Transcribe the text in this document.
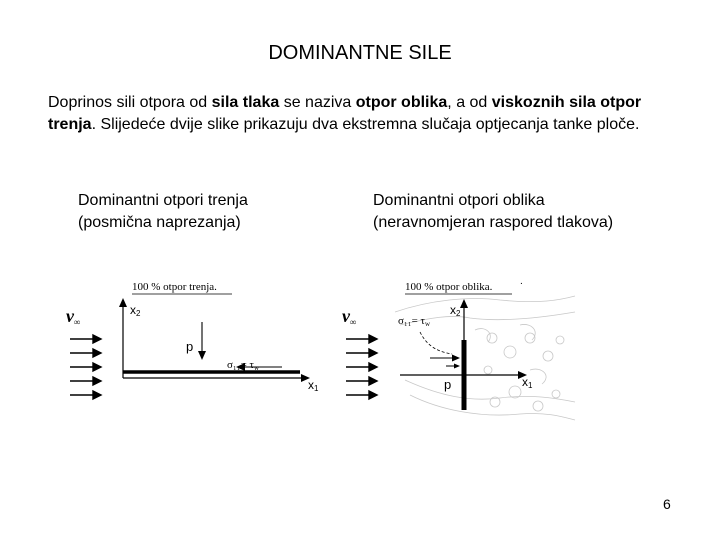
DOMINANTNE SILE
Doprinos sili otpora od sila tlaka se naziva otpor oblika, a od viskoznih sila otpor trenja. Slijedeće dvije slike prikazuju dva ekstremna slučaja optjecanja tanke ploče.
Dominantni otpori trenja
(posmična naprezanja)
Dominantni otpori oblika
(neravnomjeran raspored tlakova)
100 % otpor trenja.
v∞
x2
p
σ₁₁= τw
x1
100 % otpor oblika.	.
v∞	σ₁₁= τw
x2
p	x1
6
